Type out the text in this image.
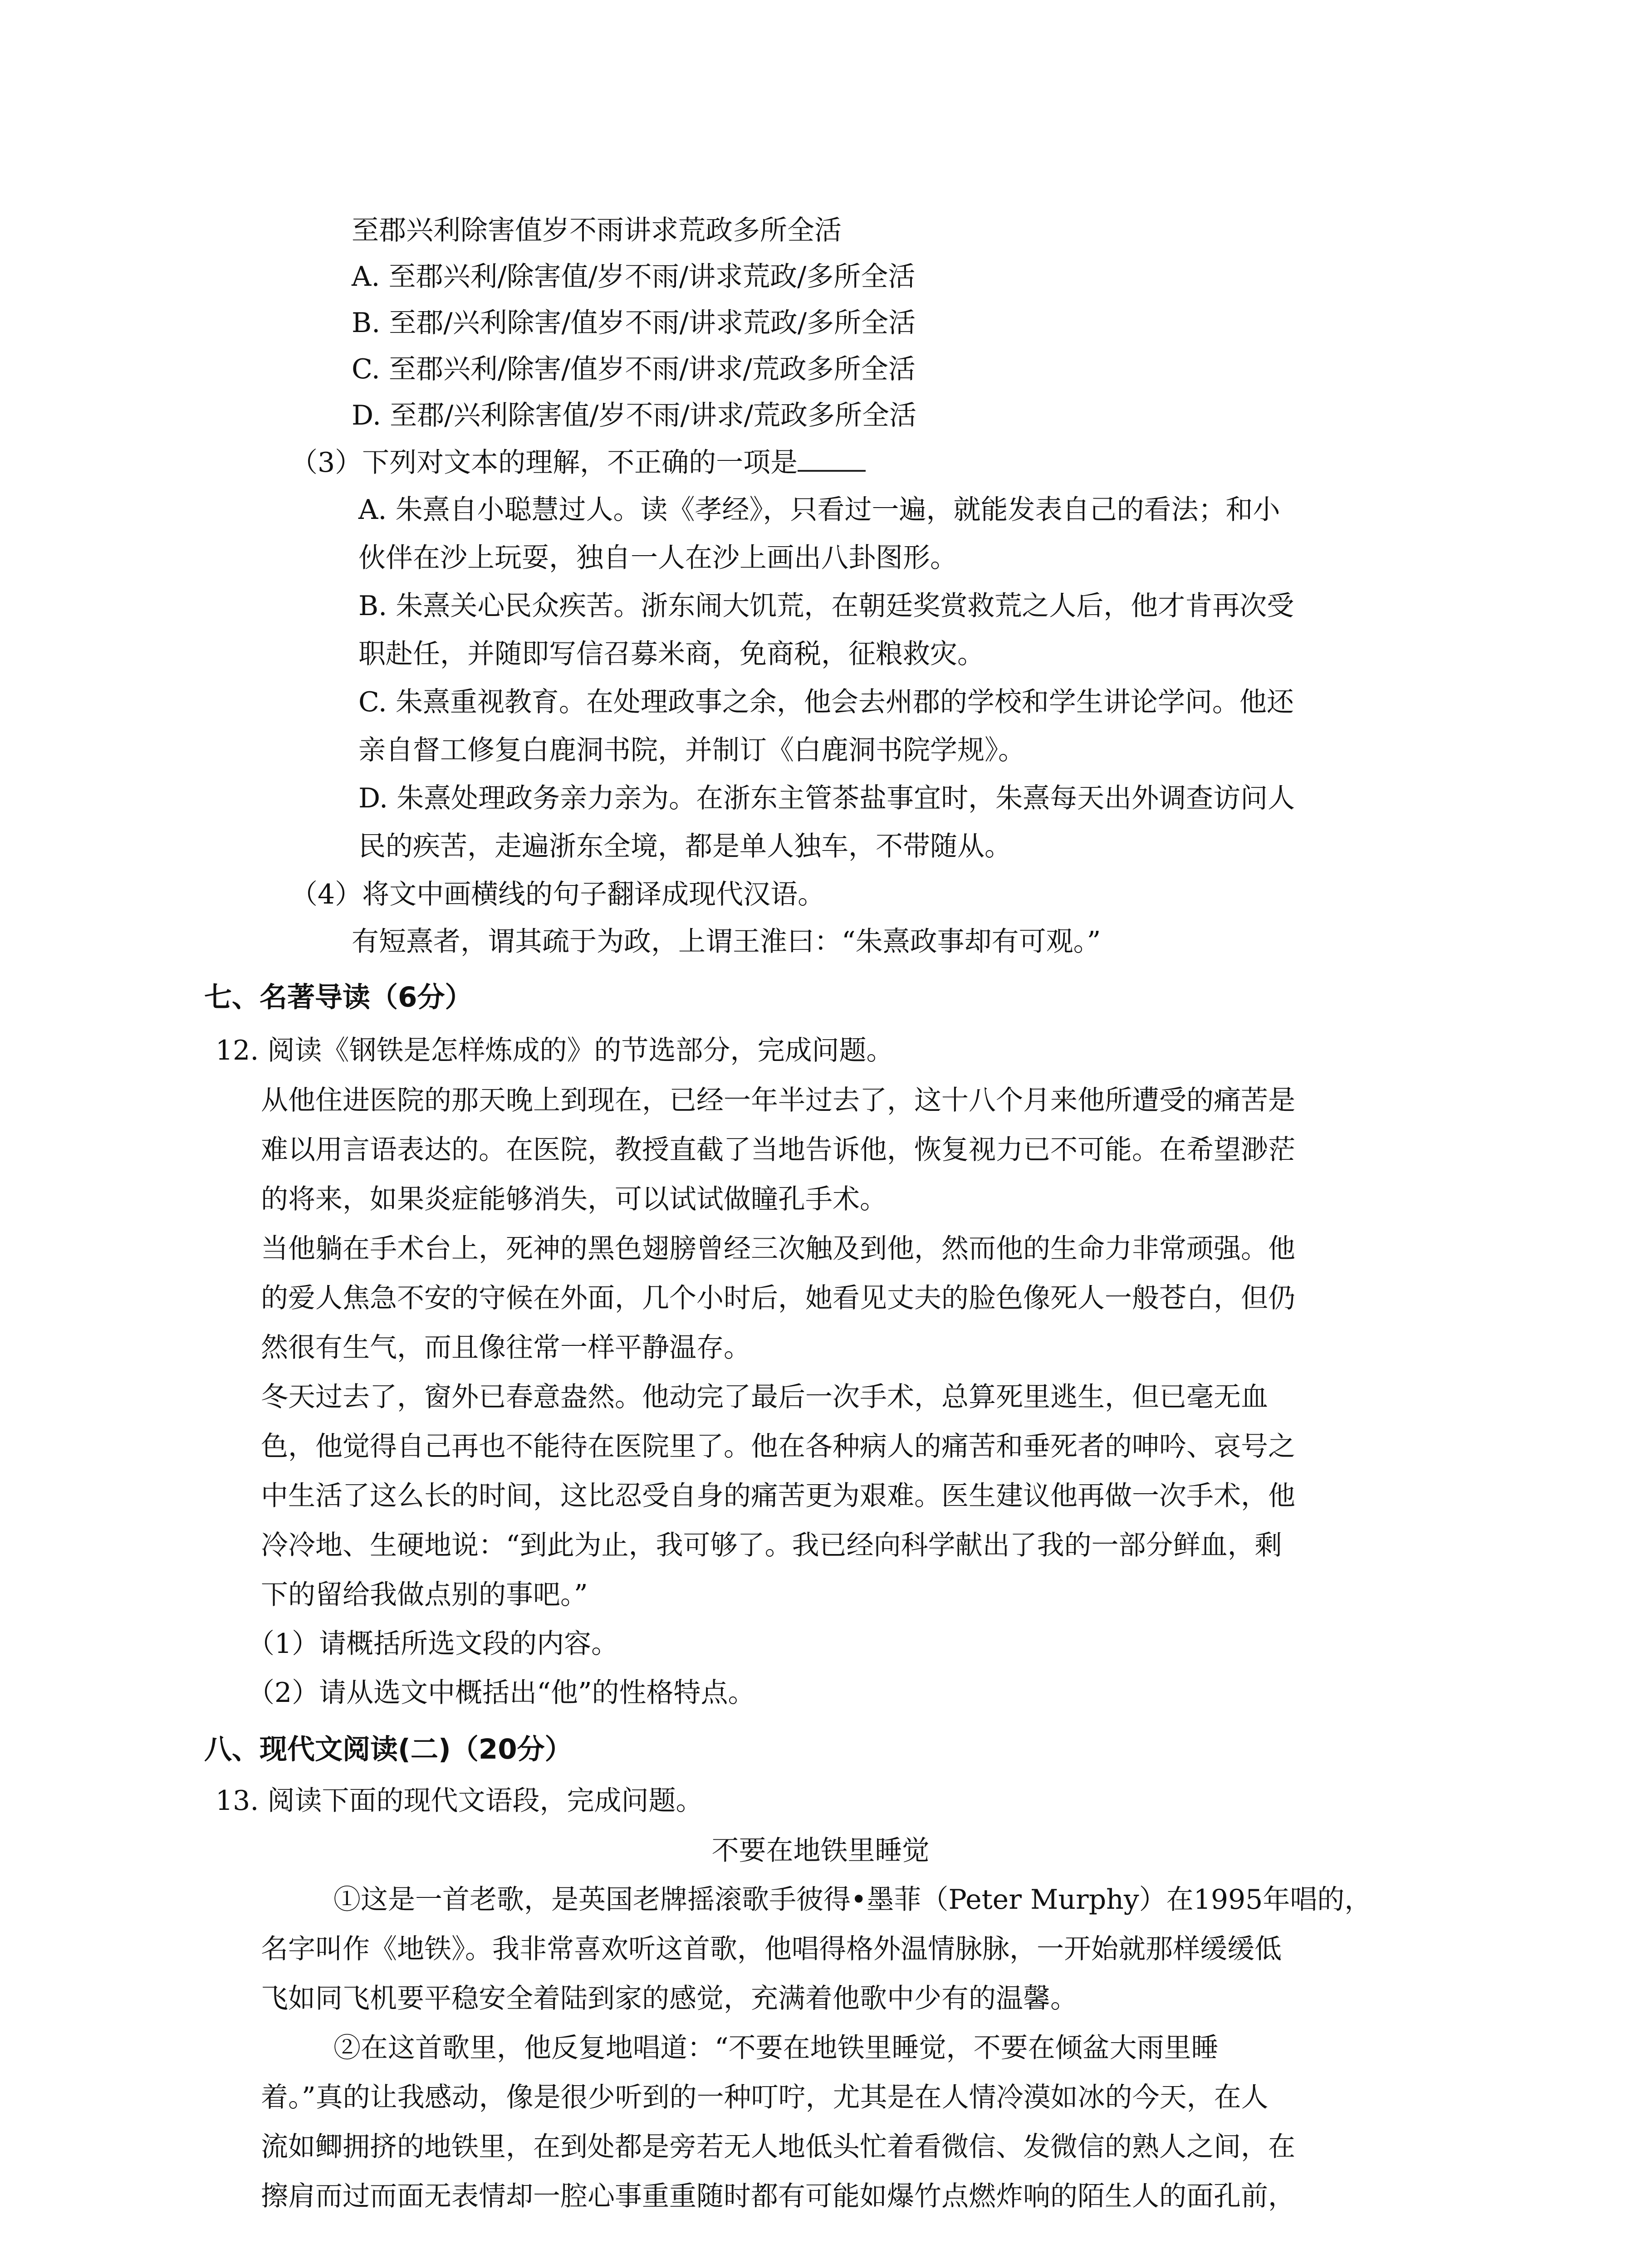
至郡兴利除害值岁不雨讲求荒政多所全活
A. 至郡兴利/除害值/岁不雨/讲求荒政/多所全活
B. 至郡/兴利除害/值岁不雨/讲求荒政/多所全活
C. 至郡兴利/除害/值岁不雨/讲求/荒政多所全活
D. 至郡/兴利除害值/岁不雨/讲求/荒政多所全活
（3）下列对文本的理解，不正确的一项是
A. 朱熹自小聪慧过人。读《孝经》，只看过一遍，就能发表自己的看法；和小
伙伴在沙上玩耍，独自一人在沙上画出八卦图形。
B. 朱熹关心民众疾苦。浙东闹大饥荒，在朝廷奖赏救荒之人后，他才肯再次受
职赴任，并随即写信召募米商，免商税，征粮救灾。
C. 朱熹重视教育。在处理政事之余，他会去州郡的学校和学生讲论学问。他还
亲自督工修复白鹿洞书院，并制订《白鹿洞书院学规》。
D. 朱熹处理政务亲力亲为。在浙东主管茶盐事宜时，朱熹每天出外调查访问人
民的疾苦，走遍浙东全境，都是单人独车，不带随从。
（4）将文中画横线的句子翻译成现代汉语。
有短熹者，谓其疏于为政，上谓王淮曰：“朱熹政事却有可观。”
七、名著导读（6分）
12. 阅读《钢铁是怎样炼成的》的节选部分，完成问题。
从他住进医院的那天晚上到现在，已经一年半过去了，这十八个月来他所遭受的痛苦是
难以用言语表达的。在医院，教授直截了当地告诉他，恢复视力已不可能。在希望渺茫
的将来，如果炎症能够消失，可以试试做瞳孔手术。
当他躺在手术台上，死神的黑色翅膀曾经三次触及到他，然而他的生命力非常顽强。他
的爱人焦急不安的守候在外面，几个小时后，她看见丈夫的脸色像死人一般苍白，但仍
然很有生气，而且像往常一样平静温存。
冬天过去了，窗外已春意盎然。他动完了最后一次手术，总算死里逃生，但已毫无血
色，他觉得自己再也不能待在医院里了。他在各种病人的痛苦和垂死者的呻吟、哀号之
中生活了这么长的时间，这比忍受自身的痛苦更为艰难。医生建议他再做一次手术，他
冷冷地、生硬地说：“到此为止，我可够了。我已经向科学献出了我的一部分鲜血，剩
下的留给我做点别的事吧。”
（1）请概括所选文段的内容。
（2）请从选文中概括出“他”的性格特点。
八、现代文阅读(二)（20分）
13. 阅读下面的现代文语段，完成问题。
不要在地铁里睡觉
①这是一首老歌，是英国老牌摇滚歌手彼得•墨菲（Peter Murphy）在1995年唱的，
名字叫作《地铁》。我非常喜欢听这首歌，他唱得格外温情脉脉，一开始就那样缓缓低
飞如同飞机要平稳安全着陆到家的感觉，充满着他歌中少有的温馨。
②在这首歌里，他反复地唱道：“不要在地铁里睡觉，不要在倾盆大雨里睡
着。”真的让我感动，像是很少听到的一种叮咛，尤其是在人情冷漠如冰的今天，在人
流如鲫拥挤的地铁里，在到处都是旁若无人地低头忙着看微信、发微信的熟人之间，在
擦肩而过而面无表情却一腔心事重重随时都有可能如爆竹点燃炸响的陌生人的面孔前，
